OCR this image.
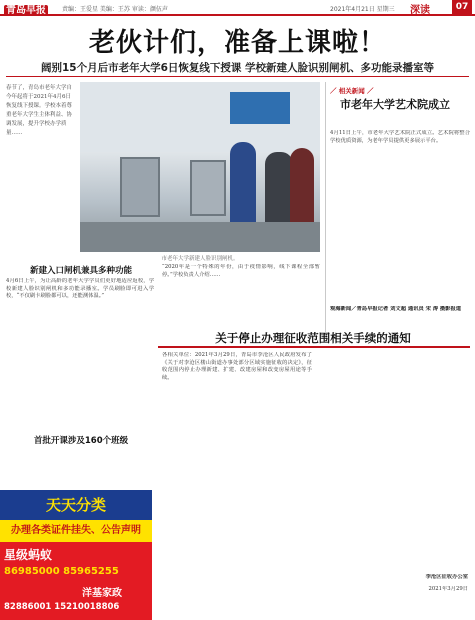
青岛早报	责编：王爱星 美编：王苏 审读：颜伍声	2021年4月21日 星期三 深读	07
老伙计们，准备上课啦！
阔别15个月后市老年大学6日恢复线下授课 学校新建人脸识别闸机、多功能录播室等
春节了，青岛市老年大学自今年起将于2021年4月6日恢复线下授课。学校本着尊重老年大学生主体利益、协调发展，提升学校办学质量……
市老年大学新建人脸识别闸机。
新建入口闸机兼具多种功能
4月6日上午，为让高龄的老年大学学员们更好地适应返校，学校新建人脸识别闸机和多功能录播室。学员刷脸即可进入学校，“不仅刷卡刷脸都可以，还能测体温。”
“2020年是一个特殊的年份，由于疫情影响，线下课程全部暂停。”学校负责人介绍……
首批开课涉及160个班级
／ 相关新闻 ／
市老年大学艺术院成立
4月11日上午，市老年大学艺术院正式成立。艺术院将整合学校优质资源，为老年学员提供更多展示平台。
观海新闻／青岛早报记者 刘文超 通讯员 宋 涛 摄影报道
关于停止办理征收范围相关手续的通知
各相关单位：2021年3月29日，青岛市李沧区人民政府发布了《关于对李沧区楼山街道办事处部分区域实施征收的决定》，征收范围内停止办理新建、扩建、改建房屋和改变房屋用途等手续。
李沧区征收办公室
2021年3月29日
天天分类
办理各类证件挂失、公告声明
星级蚂蚁
86985000 85965255
洋基家政
82886001 15210018806
